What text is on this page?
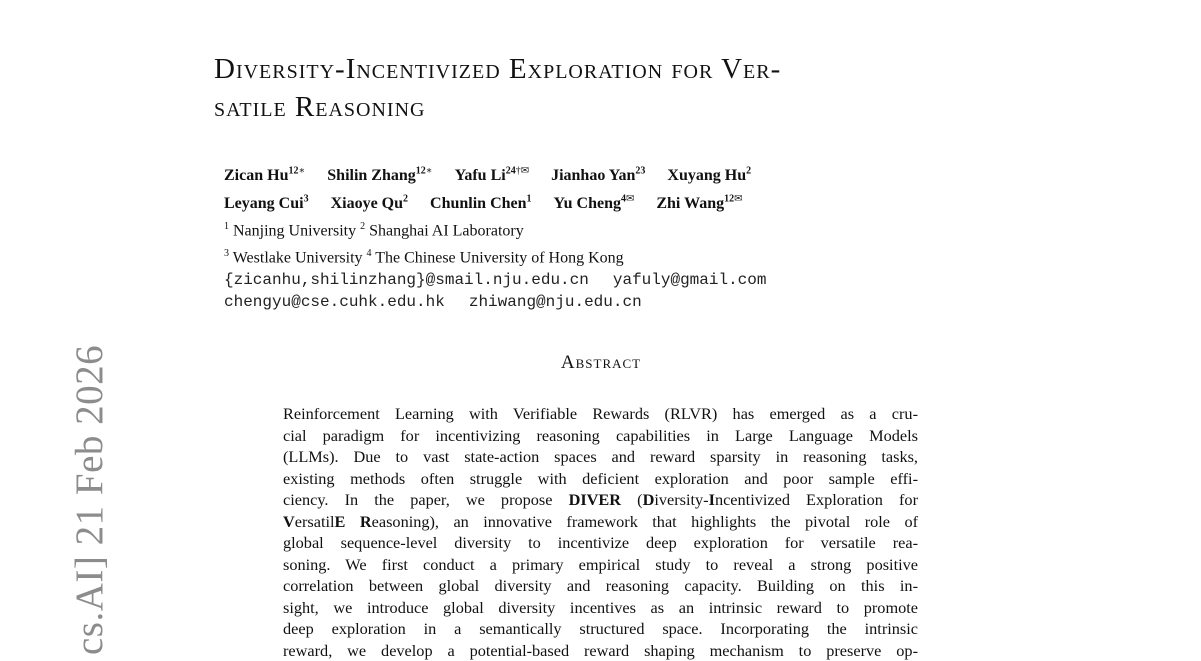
cs.AI] 21 Feb 2026
Diversity-Incentivized Exploration for Ver-
satile Reasoning
Zican $Hu^{12∗}$ Shilin Zhang$^{12∗}$ Yafu $Li^{24\dagger✉}$ Jianhao Yan$^{23}$ Xuyang Hu$^2$
Leyang Cui$^3$ Xiaoye Qu$^2$ Chunlin Chen$^1$ Yu Cheng$^{4✉}$ Zhi Wang$^{12✉}$
$^1$ Nanjing University $^2$ Shanghai AI Laboratory
$^3$ Westlake University $^4$ The Chinese University of Hong Kong
{zicanhu,shilinzhang}@smail.nju.edu.cn yafuly@gmail.com
chengyu@cse.cuhk.edu.hk zhiwang@nju.edu.cn
Abstract
Reinforcement Learning with Verifiable Rewards (RLVR) has emerged as a cru-
cial paradigm for incentivizing reasoning capabilities in Large Language Models
(LLMs). Due to vast state-action spaces and reward sparsity in reasoning tasks,
existing methods often struggle with deficient exploration and poor sample effi-
ciency. In the paper, we propose DIVER (Diversity-Incentivized Exploration for
VersatilE Reasoning), an innovative framework that highlights the pivotal role of
global sequence-level diversity to incentivize deep exploration for versatile rea-
soning. We first conduct a primary empirical study to reveal a strong positive
correlation between global diversity and reasoning capacity. Building on this in-
sight, we introduce global diversity incentives as an intrinsic reward to promote
deep exploration in a semantically structured space. Incorporating the intrinsic
reward, we develop a potential-based reward shaping mechanism to preserve op-
